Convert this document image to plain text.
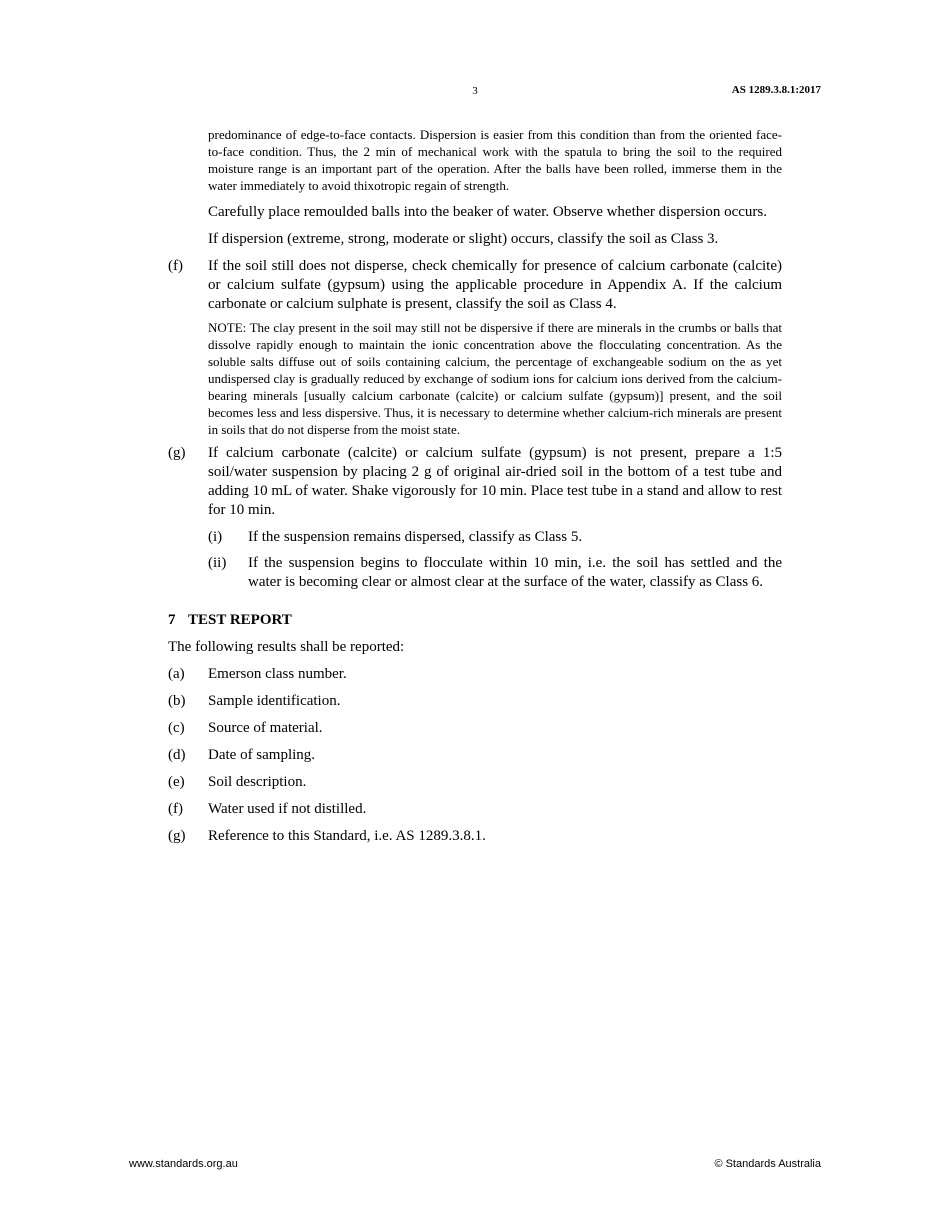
3	AS 1289.3.8.1:2017

predominance of edge-to-face contacts. Dispersion is easier from this condition than from the oriented face-to-face condition. Thus, the 2 min of mechanical work with the spatula to bring the soil to the required moisture range is an important part of the operation. After the balls have been rolled, immerse them in the water immediately to avoid thixotropic regain of strength.

Carefully place remoulded balls into the beaker of water. Observe whether dispersion occurs.

If dispersion (extreme, strong, moderate or slight) occurs, classify the soil as Class 3.

(f)	If the soil still does not disperse, check chemically for presence of calcium carbonate (calcite) or calcium sulfate (gypsum) using the applicable procedure in Appendix A. If the calcium carbonate or calcium sulphate is present, classify the soil as Class 4.

NOTE: The clay present in the soil may still not be dispersive if there are minerals in the crumbs or balls that dissolve rapidly enough to maintain the ionic concentration above the flocculating concentration. As the soluble salts diffuse out of soils containing calcium, the percentage of exchangeable sodium on the as yet undispersed clay is gradually reduced by exchange of sodium ions for calcium ions derived from the calcium-bearing minerals [usually calcium carbonate (calcite) or calcium sulfate (gypsum)] present, and the soil becomes less and less dispersive. Thus, it is necessary to determine whether calcium-rich minerals are present in soils that do not disperse from the moist state.

(g)	If calcium carbonate (calcite) or calcium sulfate (gypsum) is not present, prepare a 1:5 soil/water suspension by placing 2 g of original air-dried soil in the bottom of a test tube and adding 10 mL of water. Shake vigorously for 10 min. Place test tube in a stand and allow to rest for 10 min.
(i)	If the suspension remains dispersed, classify as Class 5.
(ii)	If the suspension begins to flocculate within 10 min, i.e. the soil has settled and the water is becoming clear or almost clear at the surface of the water, classify as Class 6.
7 TEST REPORT

The following results shall be reported:

(a)	Emerson class number.
(b)	Sample identification.
(c)	Source of material.
(d)	Date of sampling.
(e)	Soil description.
(f)	Water used if not distilled.
(g)	Reference to this Standard, i.e. AS 1289.3.8.1.
www.standards.org.au	© Standards Australia
